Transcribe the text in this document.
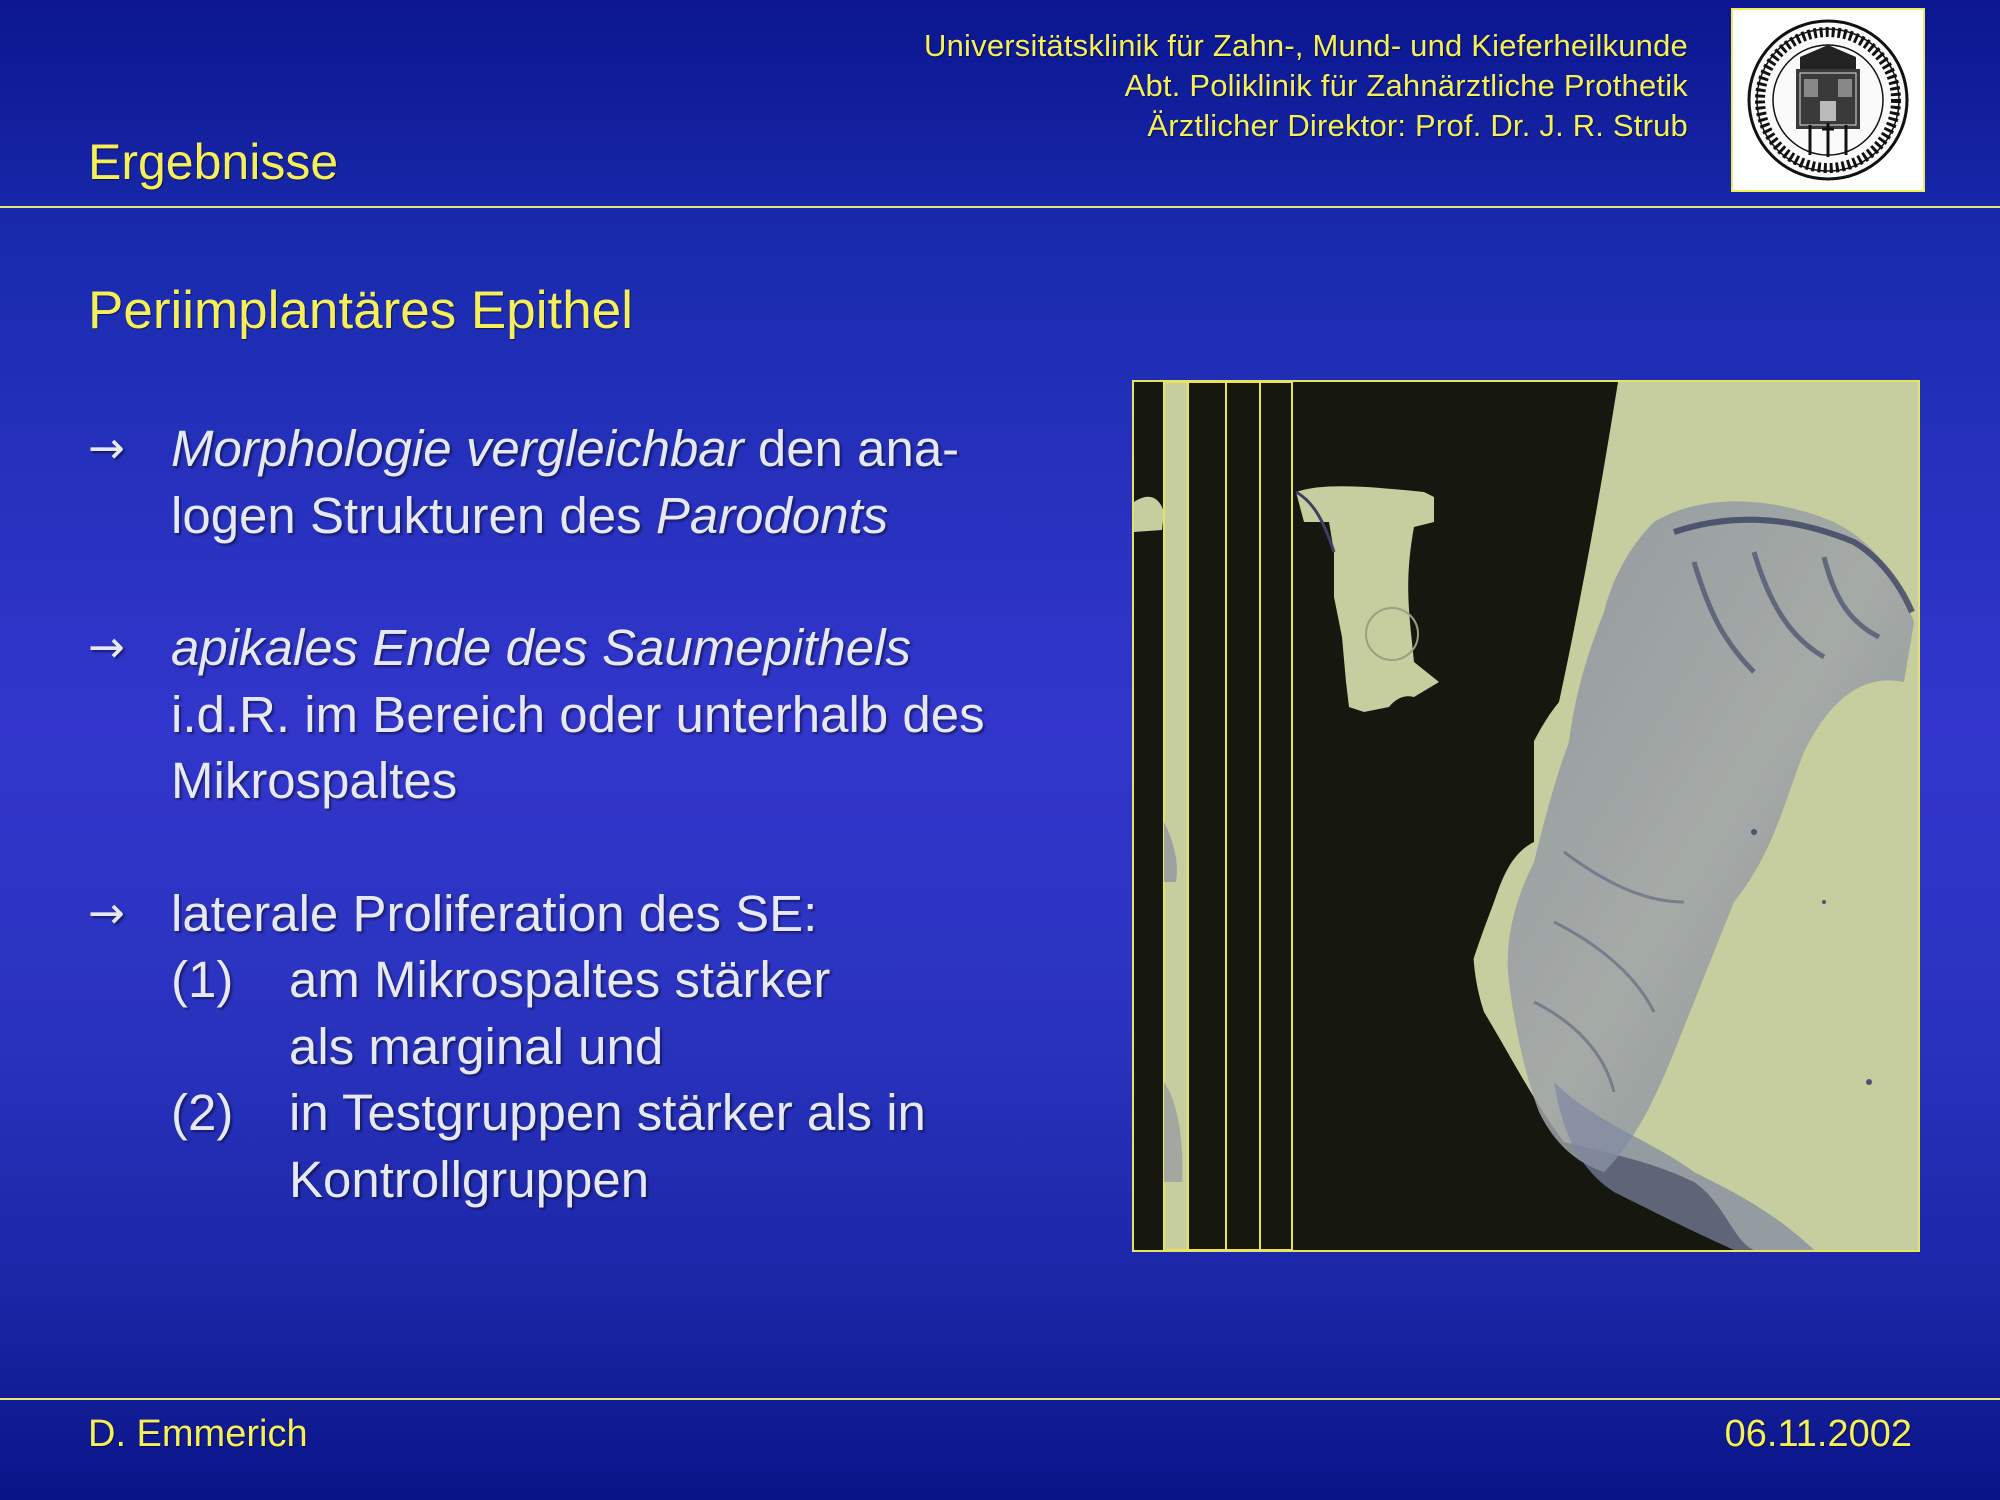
Universitätsklinik für Zahn-, Mund- und Kieferheilkunde
Abt. Poliklinik für Zahnärztliche Prothetik
Ärztlicher Direktor: Prof. Dr. J. R. Strub
Ergebnisse
Periimplantäres Epithel
→ Morphologie vergleichbar den ana-
logen Strukturen des Parodonts
→ apikales Ende des Saumepithels
i.d.R. im Bereich oder unterhalb des
Mikrospaltes
→ laterale Proliferation des SE:
(1) am Mikrospaltes stärker
als marginal und
(2) in Testgruppen stärker als in
Kontrollgruppen
D. Emmerich	06.11.2002
